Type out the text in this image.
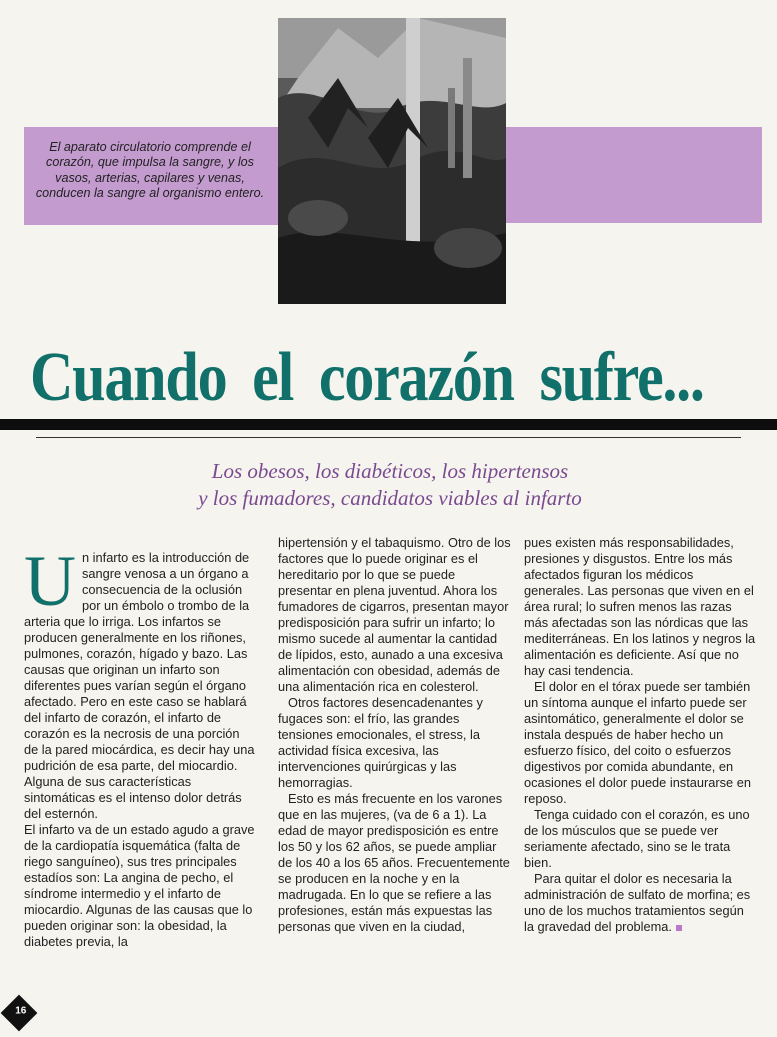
El aparato circulatorio comprende el corazón, que impulsa la sangre, y los vasos, arterias, capilares y venas, conducen la sangre al organismo entero.
Cuando el corazón sufre...
Los obesos, los diabéticos, los hipertensos
y los fumadores, candidatos viables al infarto

Un infarto es la introducción de sangre venosa a un órgano a consecuencia de la oclusión por un émbolo o trombo de la arteria que lo irriga. Los infartos se producen generalmente en los riñones, pulmones, corazón, hígado y bazo. Las causas que originan un infarto son diferentes pues varían según el órgano afectado. Pero en este caso se hablará del infarto de corazón, el infarto de corazón es la necrosis de una porción de la pared miocárdica, es decir hay una pudrición de esa parte, del miocardio. Alguna de sus características sintomáticas es el intenso dolor detrás del esternón.

El infarto va de un estado agudo a grave de la cardiopatía isquemática (falta de riego sanguíneo), sus tres principales estadíos son: La angina de pecho, el síndrome intermedio y el infarto de miocardio. Algunas de las causas que lo pueden originar son: la obesidad, la diabetes previa, la

hipertensión y el tabaquismo. Otro de los factores que lo puede originar es el hereditario por lo que se puede presentar en plena juventud. Ahora los fumadores de cigarros, presentan mayor predisposición para sufrir un infarto; lo mismo sucede al aumentar la cantidad de lípidos, esto, aunado a una excesiva alimentación con obesidad, además de una alimentación rica en colesterol.

Otros factores desencadenantes y fugaces son: el frío, las grandes tensiones emocionales, el stress, la actividad física excesiva, las intervenciones quirúrgicas y las hemorragias.

Esto es más frecuente en los varones que en las mujeres, (va de 6 a 1). La edad de mayor predisposición es entre los 50 y los 62 años, se puede ampliar de los 40 a los 65 años. Frecuentemente se producen en la noche y en la madrugada. En lo que se refiere a las profesiones, están más expuestas las personas que viven en la ciudad,

pues existen más responsabilidades, presiones y disgustos. Entre los más afectados figuran los médicos generales. Las personas que viven en el área rural; lo sufren menos las razas más afectadas son las nórdicas que las mediterráneas. En los latinos y negros la alimentación es deficiente. Así que no hay casi tendencia.

El dolor en el tórax puede ser también un síntoma aunque el infarto puede ser asintomático, generalmente el dolor se instala después de haber hecho un esfuerzo físico, del coito o esfuerzos digestivos por comida abundante, en ocasiones el dolor puede instaurarse en reposo.

Tenga cuidado con el corazón, es uno de los músculos que se puede ver seriamente afectado, sino se le trata bien.

Para quitar el dolor es necesaria la administración de sulfato de morfina; es uno de los muchos tratamientos según la gravedad del problema.

16
